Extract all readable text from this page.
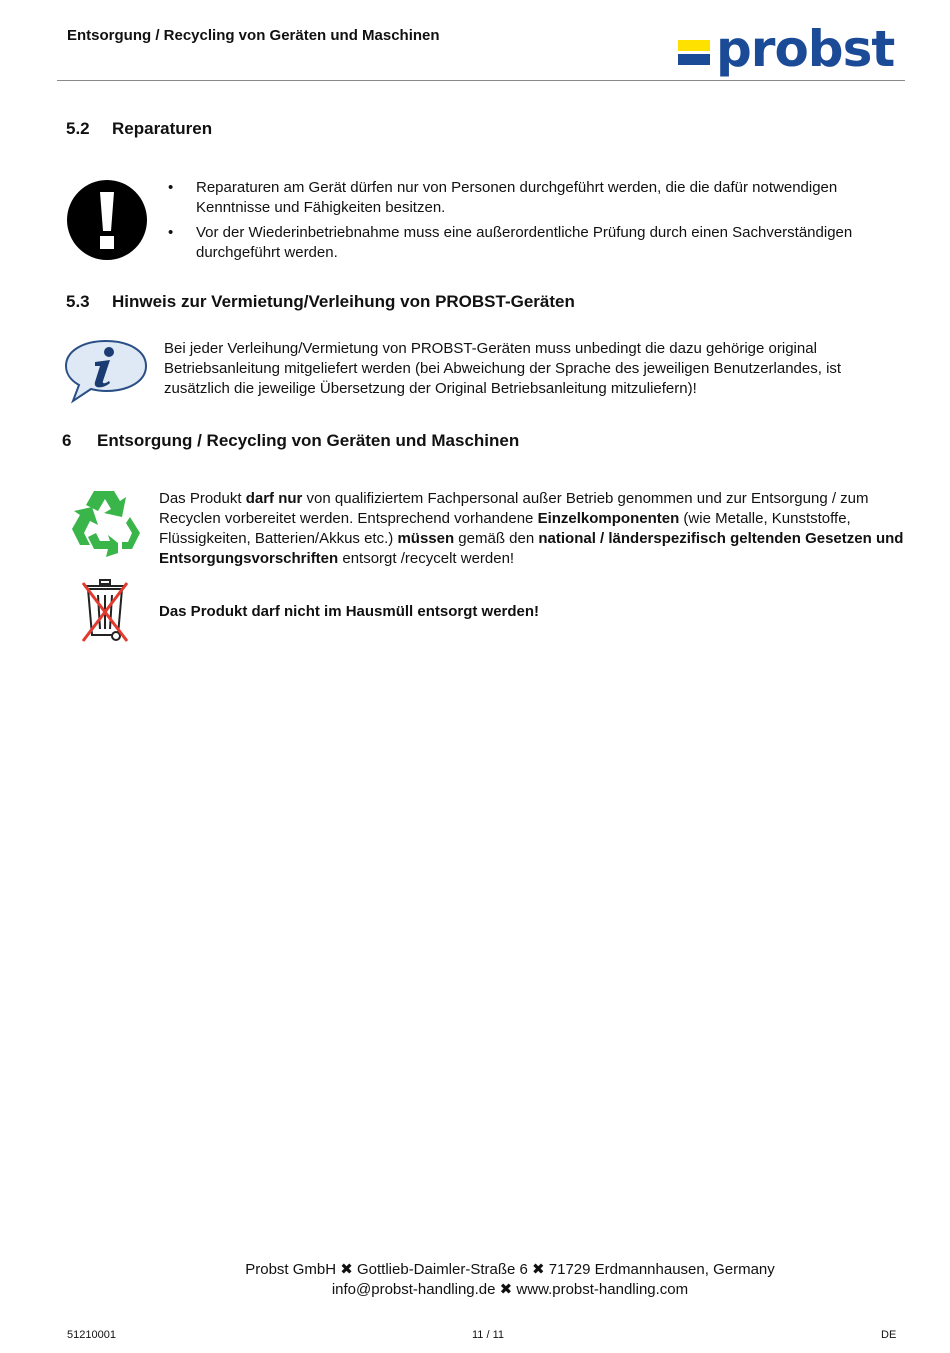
Entsorgung / Recycling von Geräten und Maschinen	probst
5.2 Reparaturen
• Reparaturen am Gerät dürfen nur von Personen durchgeführt werden, die die dafür notwendigen Kenntnisse und Fähigkeiten besitzen.
• Vor der Wiederinbetriebnahme muss eine außerordentliche Prüfung durch einen Sachverständigen durchgeführt werden.
5.3 Hinweis zur Vermietung/Verleihung von PROBST-Geräten
Bei jeder Verleihung/Vermietung von PROBST-Geräten muss unbedingt die dazu gehörige original Betriebsanleitung mitgeliefert werden (bei Abweichung der Sprache des jeweiligen Benutzerlandes, ist zusätzlich die jeweilige Übersetzung der Original Betriebsanleitung mitzuliefern)!
6 Entsorgung / Recycling von Geräten und Maschinen
Das Produkt darf nur von qualifiziertem Fachpersonal außer Betrieb genommen und zur Entsorgung / zum Recyclen vorbereitet werden. Entsprechend vorhandene Einzelkomponenten (wie Metalle, Kunststoffe, Flüssigkeiten, Batterien/Akkus etc.) müssen gemäß den national / länderspezifisch geltenden Gesetzen und Entsorgungsvorschriften entsorgt /recycelt werden!
Das Produkt darf nicht im Hausmüll entsorgt werden!
Probst GmbH ✖ Gottlieb-Daimler-Straße 6 ✖ 71729 Erdmannhausen, Germany
info@probst-handling.de ✖ www.probst-handling.com
51210001	11 / 11	DE
